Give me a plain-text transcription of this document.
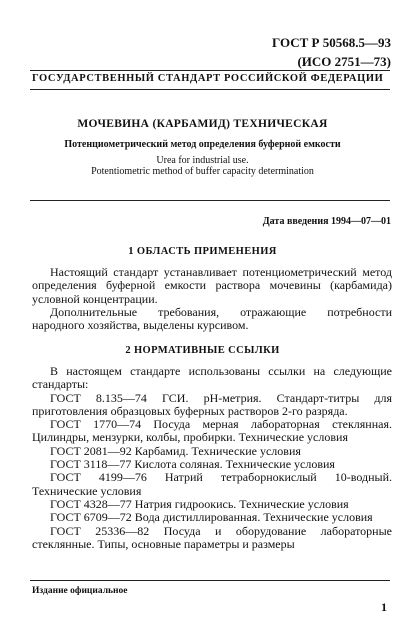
ГОСТ Р 50568.5—93
(ИСО 2751—73)
ГОСУДАРСТВЕННЫЙ СТАНДАРТ РОССИЙСКОЙ ФЕДЕРАЦИИ
МОЧЕВИНА (КАРБАМИД) ТЕХНИЧЕСКАЯ
Потенциометрический метод определения буферной емкости
Urea for industrial use.
Potentiometric method of buffer capacity determination
Дата введения 1994—07—01
1 ОБЛАСТЬ ПРИМЕНЕНИЯ

Настоящий стандарт устанавливает потенциометрический метод определения буферной емкости раствора мочевины (карбамида) условной концентрации.

Дополнительные требования, отражающие потребности народного хозяйства, выделены курсивом.

2 НОРМАТИВНЫЕ ССЫЛКИ

В настоящем стандарте использованы ссылки на следующие стандарты:

ГОСТ 8.135—74 ГСИ. pH-метрия. Стандарт-титры для приготовления образцовых буферных растворов 2-го разряда.

ГОСТ 1770—74 Посуда мерная лабораторная стеклянная. Цилиндры, мензурки, колбы, пробирки. Технические условия

ГОСТ 2081—92 Карбамид. Технические условия

ГОСТ 3118—77 Кислота соляная. Технические условия

ГОСТ 4199—76 Натрий тетраборнокислый 10-водный. Технические условия

ГОСТ 4328—77 Натрия гидроокись. Технические условия

ГОСТ 6709—72 Вода дистиллированная. Технические условия

ГОСТ 25336—82 Посуда и оборудование лабораторные стеклянные. Типы, основные параметры и размеры

Издание официальное
1
